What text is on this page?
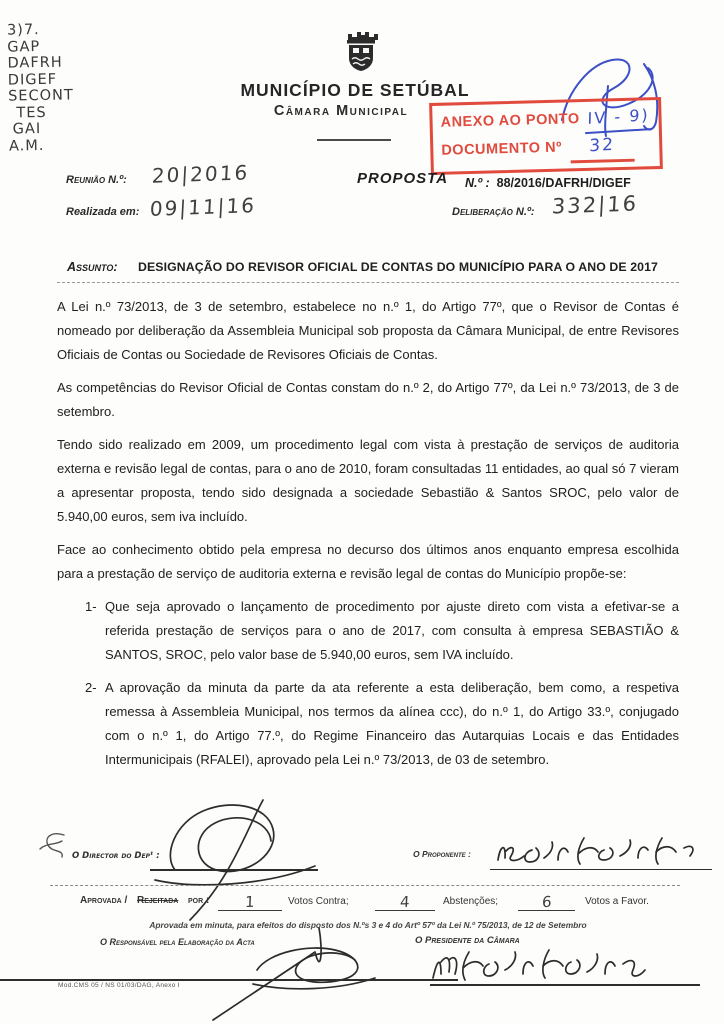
3)7.
GAP
DAFRH
DIGEF
SECONT
TES
GAI
A.M.
MUNICÍPIO DE SETÚBAL
Câmara Municipal
ANEXO AO PONTO IV - 9)
DOCUMENTO Nº 32
Reunião N.º: 20|2016	PROPOSTA N.º : 88/2016/DAFRH/DIGEF
Realizada em: 09|11|16	Deliberação N.º: 332|16
Assunto: DESIGNAÇÃO DO REVISOR OFICIAL DE CONTAS DO MUNICÍPIO PARA O ANO DE 2017

A Lei n.º 73/2013, de 3 de setembro, estabelece no n.º 1, do Artigo 77º, que o Revisor de Contas é nomeado por deliberação da Assembleia Municipal sob proposta da Câmara Municipal, de entre Revisores Oficiais de Contas ou Sociedade de Revisores Oficiais de Contas.

As competências do Revisor Oficial de Contas constam do n.º 2, do Artigo 77º, da Lei n.º 73/2013, de 3 de setembro.

Tendo sido realizado em 2009, um procedimento legal com vista à prestação de serviços de auditoria externa e revisão legal de contas, para o ano de 2010, foram consultadas 11 entidades, ao qual só 7 vieram a apresentar proposta, tendo sido designada a sociedade Sebastião & Santos SROC, pelo valor de 5.940,00 euros, sem iva incluído.

Face ao conhecimento obtido pela empresa no decurso dos últimos anos enquanto empresa escolhida para a prestação de serviço de auditoria externa e revisão legal de contas do Município propõe-se:

1- Que seja aprovado o lançamento de procedimento por ajuste direto com vista a efetivar-se a referida prestação de serviços para o ano de 2017, com consulta à empresa SEBASTIÃO & SANTOS, SROC, pelo valor base de 5.940,00 euros, sem IVA incluído.
2- A aprovação da minuta da parte da ata referente a esta deliberação, bem como, a respetiva remessa à Assembleia Municipal, nos termos da alínea ccc), do n.º 1, do Artigo 33.º, conjugado com o n.º 1, do Artigo 77.º, do Regime Financeiro das Autarquias Locais e das Entidades Intermunicipais (RFALEI), aprovado pela Lei n.º 73/2013, de 03 de setembro.
O Director do Depᵗ :	O Proponente :
Aprovada / Rejeitada por :	1	Votos Contra;	4	Abstenções;	6	Votos a Favor.
Aprovada em minuta, para efeitos do disposto dos N.ºs 3 e 4 do Artº 57º da Lei N.º 75/2013, de 12 de Setembro
O Responsável pela Elaboração da Acta	O Presidente da Câmara
Mod.CMS 05 / NS 01/03/DAG, Anexo I
